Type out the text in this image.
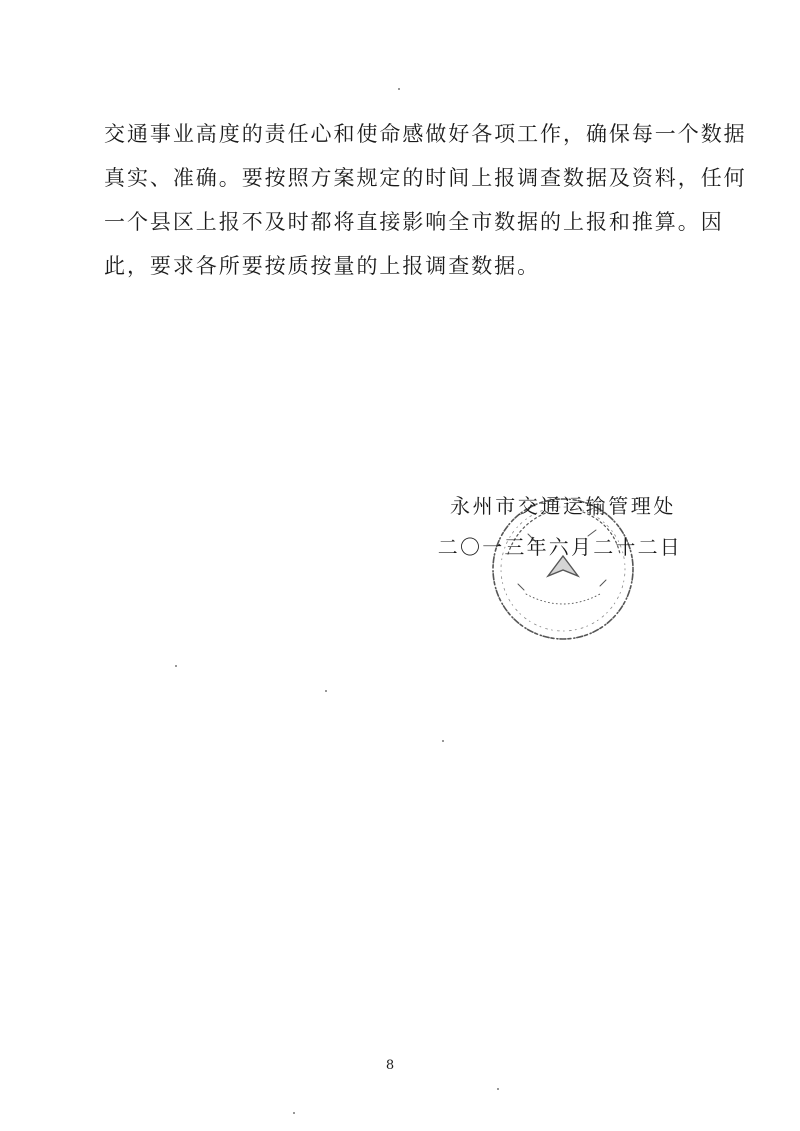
交通事业高度的责任心和使命感做好各项工作，确保每一个数据
真实、准确。要按照方案规定的时间上报调查数据及资料，任何
一个县区上报不及时都将直接影响全市数据的上报和推算。因
此，要求各所要按质按量的上报调查数据。
永州市交通运输管理处
二〇一三年六月二十二日
8
